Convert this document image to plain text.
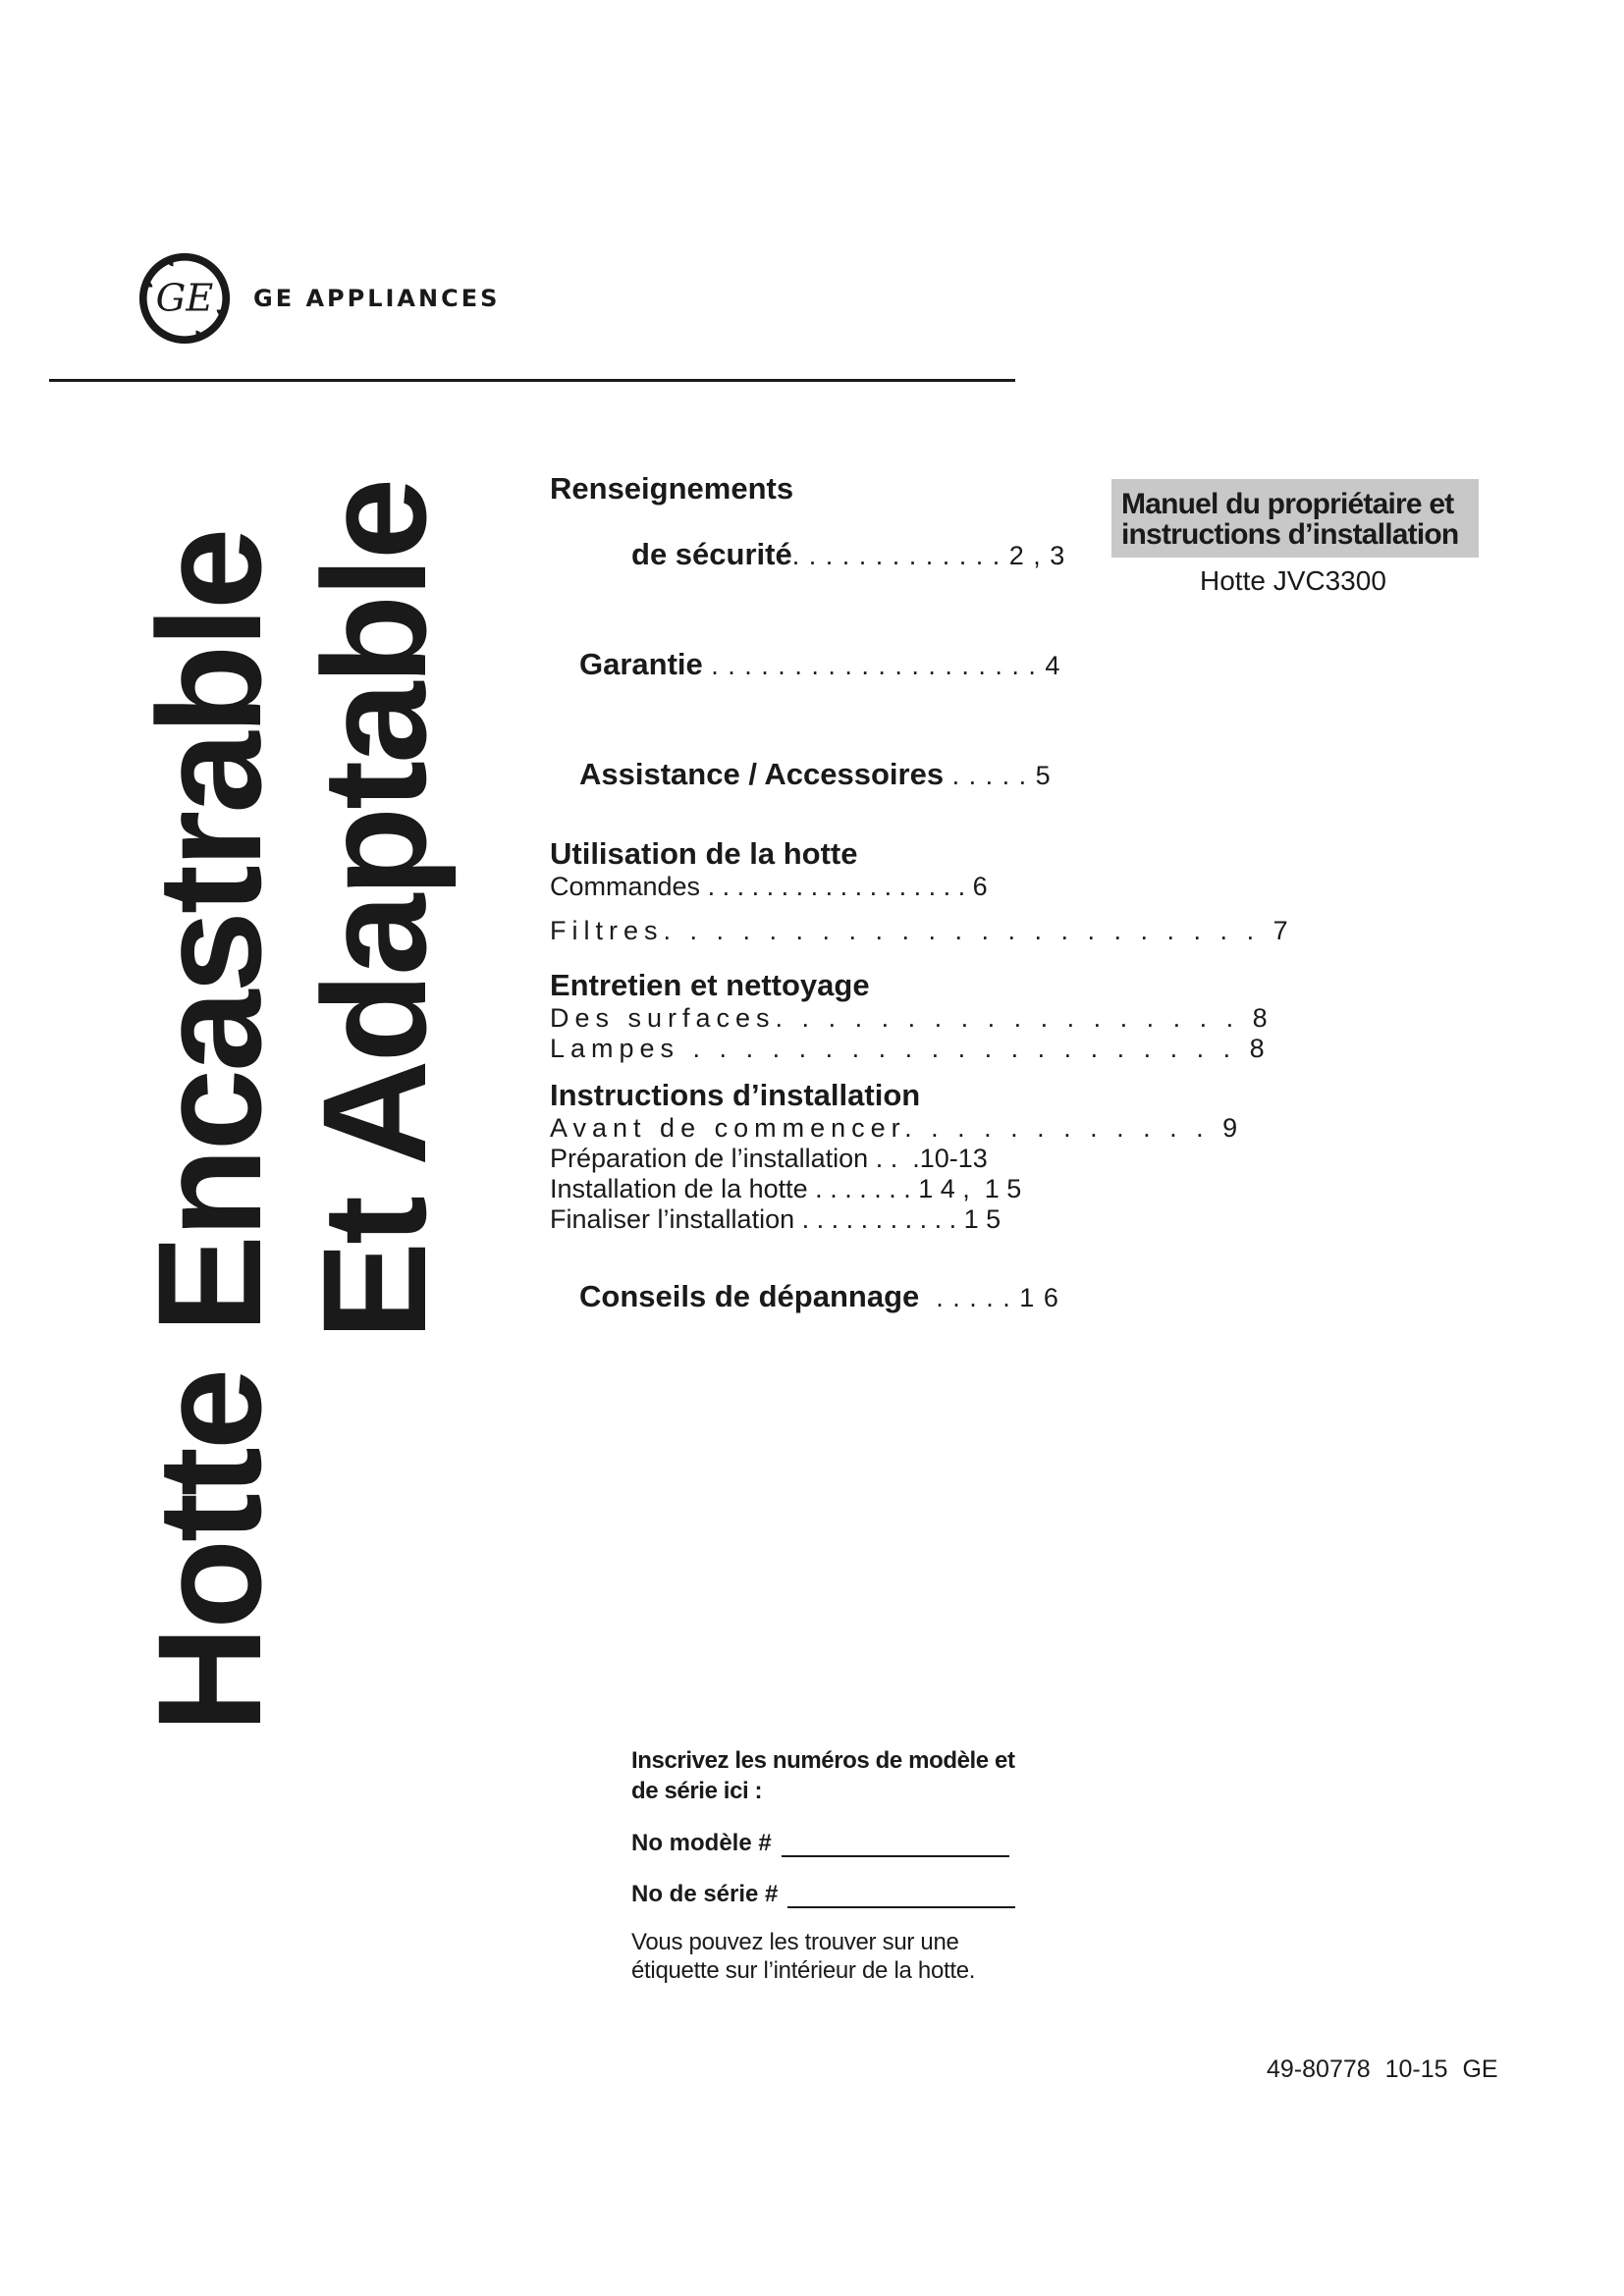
GE GE APPLIANCES
Hotte Encastrable Et Adaptable	Renseignements

de sécurité. . . . . . . . . . . . . 2 , 3

Garantie . . . . . . . . . . . . . . . . . . . . 4

Assistance / Accessoires . . . . . 5

Utilisation de la hotte
Commandes . . . . . . . . . . . . . . . . . . 6
Filtres. . . . . . . . . . . . . . . . . . . . . . . 7
Entretien et nettoyage
Des surfaces. . . . . . . . . . . . . . . . . . 8
Lampes . . . . . . . . . . . . . . . . . . . . . 8
Instructions d’installation
Avant de commencer. . . . . . . . . . . . 9
Préparation de l’installation . .  .10-13
Installation de la hotte . . . . . . . 1 4 ,  1 5
Finaliser l’installation . . . . . . . . . . . 1 5

Conseils de dépannage  . . . . . 1 6

Manuel du propriétaire et
instructions d’installation
Hotte JVC3300
Inscrivez les numéros de modèle et
de série ici :
No modèle #
No de série #
Vous pouvez les trouver sur une
étiquette sur l’intérieur de la hotte.
49-80778 10-15 GE
